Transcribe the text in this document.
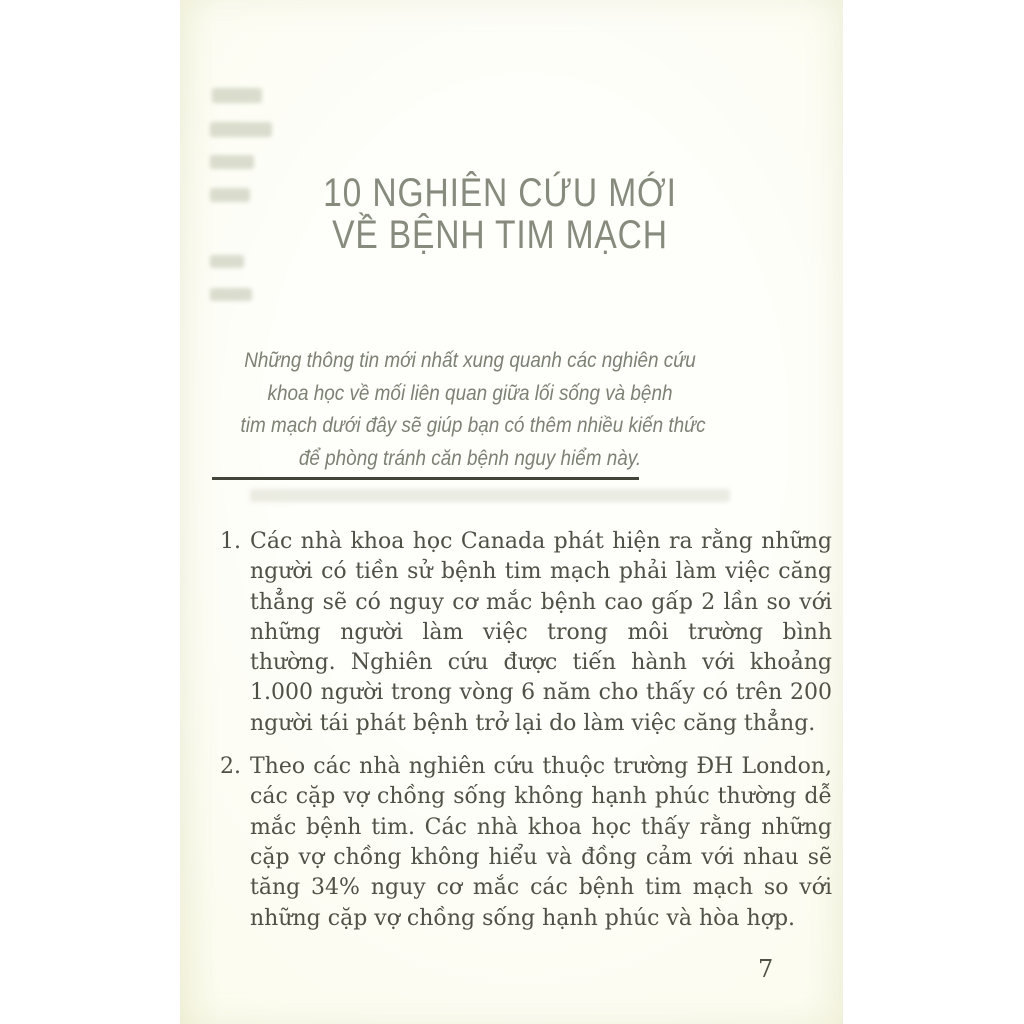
10 NGHIÊN CỨU MỚI
VỀ BỆNH TIM MẠCH
Những thông tin mới nhất xung quanh các nghiên cứu
khoa học về mối liên quan giữa lối sống và bệnh
tim mạch dưới đây sẽ giúp bạn có thêm nhiều kiến thức
để phòng tránh căn bệnh nguy hiểm này.
1. Các nhà khoa học Canada phát hiện ra rằng những người có tiền sử bệnh tim mạch phải làm việc căng thẳng sẽ có nguy cơ mắc bệnh cao gấp 2 lần so với những người làm việc trong môi trường bình thường. Nghiên cứu được tiến hành với khoảng 1.000 người trong vòng 6 năm cho thấy có trên 200 người tái phát bệnh trở lại do làm việc căng thẳng.
2. Theo các nhà nghiên cứu thuộc trường ĐH London, các cặp vợ chồng sống không hạnh phúc thường dễ mắc bệnh tim. Các nhà khoa học thấy rằng những cặp vợ chồng không hiểu và đồng cảm với nhau sẽ tăng 34% nguy cơ mắc các bệnh tim mạch so với những cặp vợ chồng sống hạnh phúc và hòa hợp.
7
